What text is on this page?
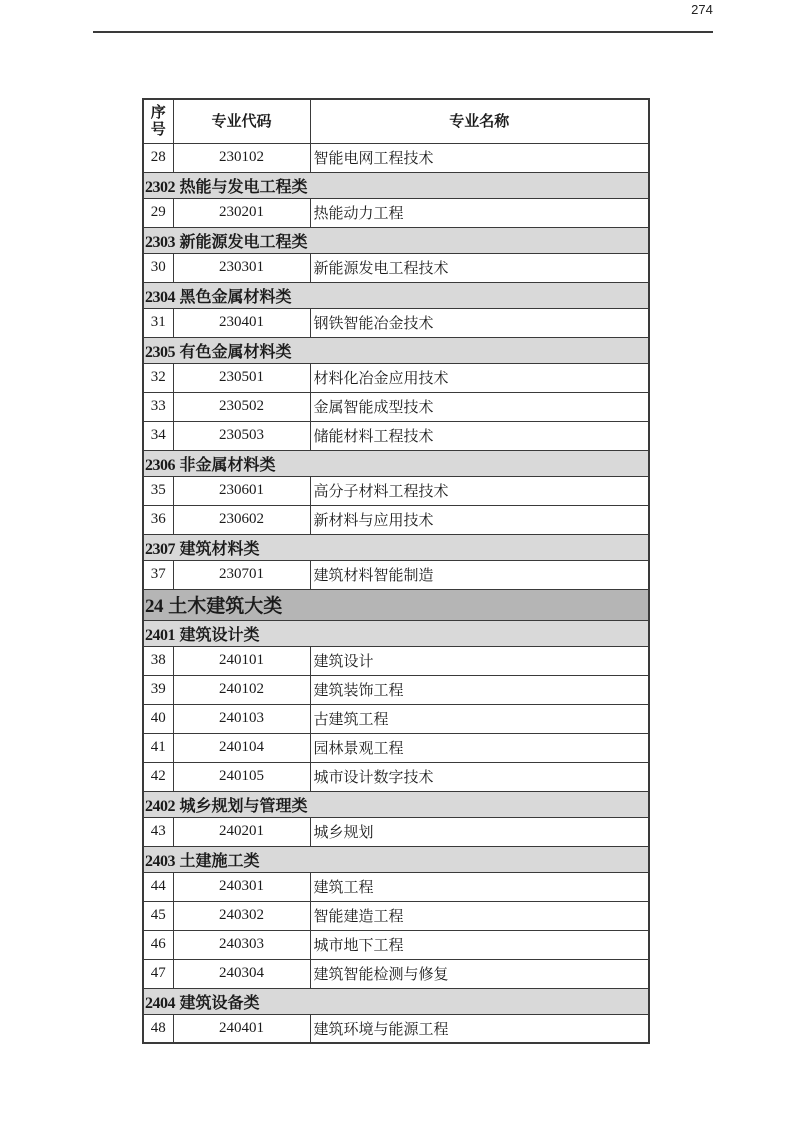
274
序号	专业代码	专业名称
28	230102	智能电网工程技术
2302 热能与发电工程类		
29	230201	热能动力工程
2303 新能源发电工程类		
30	230301	新能源发电工程技术
2304 黑色金属材料类		
31	230401	钢铁智能冶金技术
2305 有色金属材料类		
32	230501	材料化冶金应用技术
33	230502	金属智能成型技术
34	230503	储能材料工程技术
2306 非金属材料类		
35	230601	高分子材料工程技术
36	230602	新材料与应用技术
2307 建筑材料类		
37	230701	建筑材料智能制造
24 土木建筑大类		
2401 建筑设计类		
38	240101	建筑设计
39	240102	建筑装饰工程
40	240103	古建筑工程
41	240104	园林景观工程
42	240105	城市设计数字技术
2402 城乡规划与管理类		
43	240201	城乡规划
2403 土建施工类		
44	240301	建筑工程
45	240302	智能建造工程
46	240303	城市地下工程
47	240304	建筑智能检测与修复
2404 建筑设备类		
48	240401	建筑环境与能源工程
